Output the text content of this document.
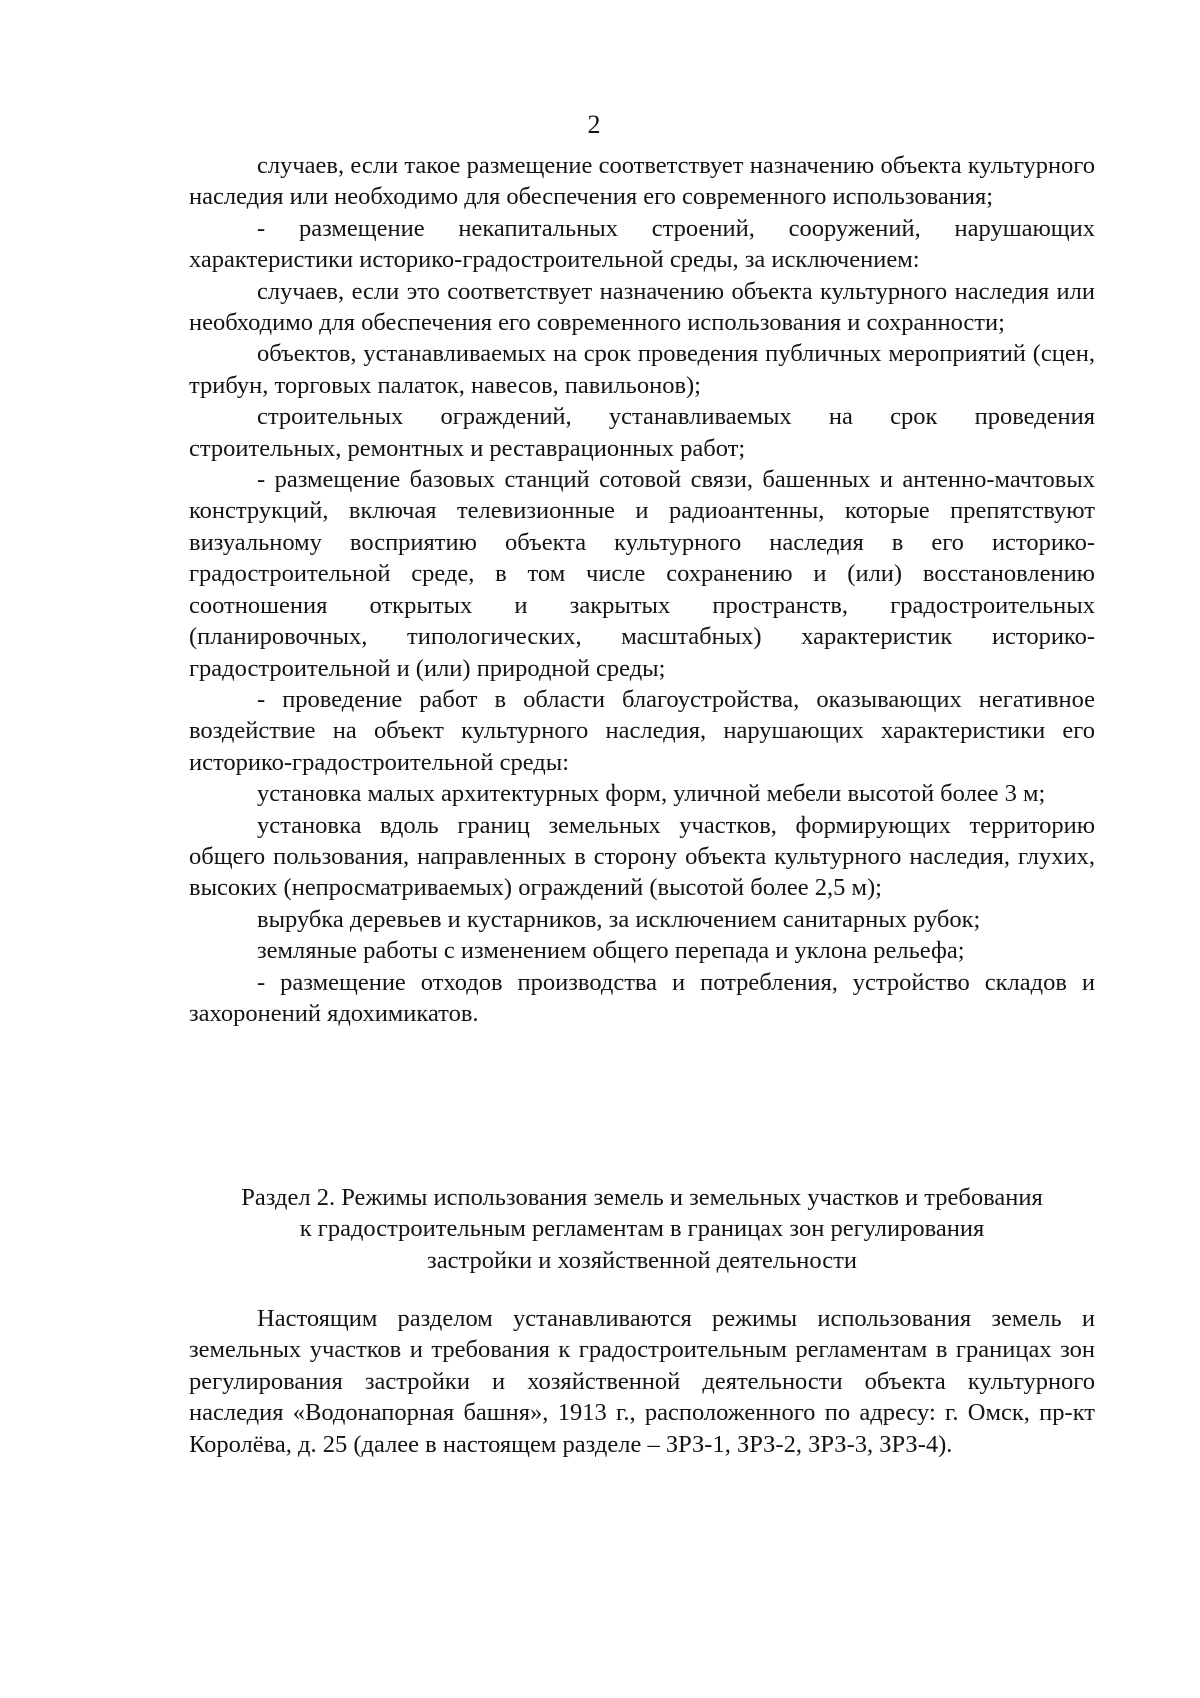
2

случаев, если такое размещение соответствует назначению объекта культурного наследия или необходимо для обеспечения его современного использования;

- размещение некапитальных строений, сооружений, нарушающих характеристики историко-градостроительной среды, за исключением:

случаев, если это соответствует назначению объекта культурного наследия или необходимо для обеспечения его современного использования и сохранности;

объектов, устанавливаемых на срок проведения публичных мероприятий (сцен, трибун, торговых палаток, навесов, павильонов);

строительных ограждений, устанавливаемых на срок проведения строительных, ремонтных и реставрационных работ;

- размещение базовых станций сотовой связи, башенных и антенно-мачтовых конструкций, включая телевизионные и радиоантенны, которые препятствуют визуальному восприятию объекта культурного наследия в его историко-градостроительной среде, в том числе сохранению и (или) восстановлению соотношения открытых и закрытых пространств, градостроительных (планировочных, типологических, масштабных) характеристик историко-градостроительной и (или) природной среды;

- проведение работ в области благоустройства, оказывающих негативное воздействие на объект культурного наследия, нарушающих характеристики его историко-градостроительной среды:

установка малых архитектурных форм, уличной мебели высотой более 3 м;

установка вдоль границ земельных участков, формирующих территорию общего пользования, направленных в сторону объекта культурного наследия, глухих, высоких (непросматриваемых) ограждений (высотой более 2,5 м);

вырубка деревьев и кустарников, за исключением санитарных рубок;

земляные работы с изменением общего перепада и уклона рельефа;

- размещение отходов производства и потребления, устройство складов и захоронений ядохимикатов.

Раздел 2. Режимы использования земель и земельных участков и требования
к градостроительным регламентам в границах зон регулирования
застройки и хозяйственной деятельности

Настоящим разделом устанавливаются режимы использования земель и земельных участков и требования к градостроительным регламентам в границах зон регулирования застройки и хозяйственной деятельности объекта культурного наследия «Водонапорная башня», 1913 г., расположенного по адресу: г. Омск, пр-кт Королёва, д. 25 (далее в настоящем разделе – ЗРЗ-1, ЗРЗ-2, ЗРЗ-3, ЗРЗ-4).
